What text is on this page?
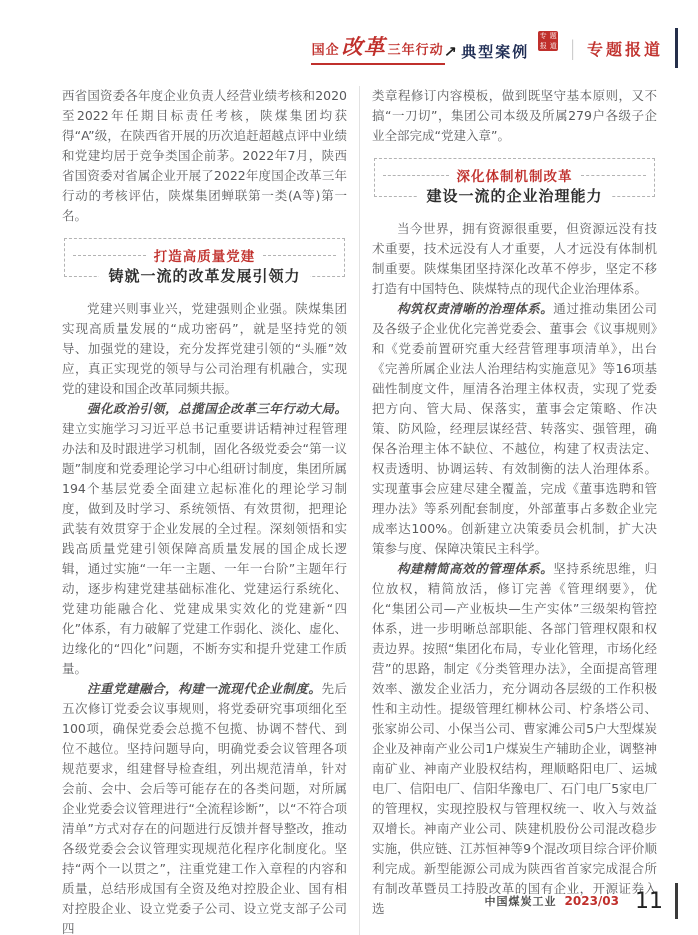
国企 改革 三年行动 ↗ 典型案例
专 题
报 道 | 专题报道

西省国资委各年度企业负责人经营业绩考核和2020至2022年任期目标责任考核，陕煤集团均获得“A”级，在陕西省开展的历次追赶超越点评中业绩和党建均居于竞争类国企前茅。2022年7月，陕西省国资委对省属企业开展了2022年度国企改革三年行动的考核评估，陕煤集团蝉联第一类(A等)第一名。

打造高质量党建
铸就一流的改革发展引领力

党建兴则事业兴，党建强则企业强。陕煤集团实现高质量发展的“成功密码”，就是坚持党的领导、加强党的建设，充分发挥党建引领的“头雁”效应，真正实现党的领导与公司治理有机融合，实现党的建设和国企改革同频共振。

强化政治引领，总揽国企改革三年行动大局。建立实施学习习近平总书记重要讲话精神过程管理办法和及时跟进学习机制，固化各级党委会“第一议题”制度和党委理论学习中心组研讨制度，集团所属194个基层党委全面建立起标准化的理论学习制度，做到及时学习、系统领悟、有效贯彻，把理论武装有效贯穿于企业发展的全过程。深刻领悟和实践高质量党建引领保障高质量发展的国企成长逻辑，通过实施“一年一主题、一年一台阶”主题年行动，逐步构建党建基础标准化、党建运行系统化、党建功能融合化、党建成果实效化的党建新“四化”体系，有力破解了党建工作弱化、淡化、虚化、边缘化的“四化”问题，不断夯实和提升党建工作质量。

注重党建融合，构建一流现代企业制度。先后五次修订党委会议事规则，将党委研究事项细化至100项，确保党委会总揽不包揽、协调不替代、到位不越位。坚持问题导向，明确党委会议管理各项规范要求，组建督导检查组，列出规范清单，针对会前、会中、会后等可能存在的各类问题，对所属企业党委会议管理进行“全流程诊断”，以“不符合项清单”方式对存在的问题进行反馈并督导整改，推动各级党委会会议管理实现规范化程序化制度化。坚持“两个一以贯之”，注重党建工作入章程的内容和质量，总结形成国有全资及绝对控股企业、国有相对控股企业、设立党委子公司、设立党支部子公司四

类章程修订内容模板，做到既坚守基本原则，又不搞“一刀切”，集团公司本级及所属279户各级子企业全部完成“党建入章”。

深化体制机制改革
建设一流的企业治理能力

当今世界，拥有资源很重要，但资源远没有技术重要，技术远没有人才重要，人才远没有体制机制重要。陕煤集团坚持深化改革不停步，坚定不移打造有中国特色、陕煤特点的现代企业治理体系。

构筑权责清晰的治理体系。通过推动集团公司及各级子企业优化完善党委会、董事会《议事规则》和《党委前置研究重大经营管理事项清单》，出台《完善所属企业法人治理结构实施意见》等16项基础性制度文件，厘清各治理主体权责，实现了党委把方向、管大局、保落实，董事会定策略、作决策、防风险，经理层谋经营、转落实、强管理，确保各治理主体不缺位、不越位，构建了权责法定、权责透明、协调运转、有效制衡的法人治理体系。实现董事会应建尽建全覆盖，完成《董事选聘和管理办法》等系列配套制度，外部董事占多数企业完成率达100%。创新建立决策委员会机制，扩大决策参与度、保障决策民主科学。

构建精简高效的管理体系。坚持系统思维，归位放权，精简放活，修订完善《管理纲要》，优化“集团公司—产业板块—生产实体”三级架构管控体系，进一步明晰总部职能、各部门管理权限和权责边界。按照“集团化布局，专业化管理，市场化经营”的思路，制定《分类管理办法》，全面提高管理效率、激发企业活力，充分调动各层级的工作积极性和主动性。提级管理红柳林公司、柠条塔公司、张家峁公司、小保当公司、曹家滩公司5户大型煤炭企业及神南产业公司1户煤炭生产辅助企业，调整神南矿业、神南产业股权结构，理顺略阳电厂、运城电厂、信阳电厂、信阳华豫电厂、石门电厂5家电厂的管理权，实现控股权与管理权统一、收入与效益双增长。神南产业公司、陕建机股份公司混改稳步实施，供应链、江苏恒神等9个混改项目综合评价顺利完成。新型能源公司成为陕西省首家完成混合所有制改革暨员工持股改革的国有企业，开源证券入选	中国煤炭工业 2023/03 11
